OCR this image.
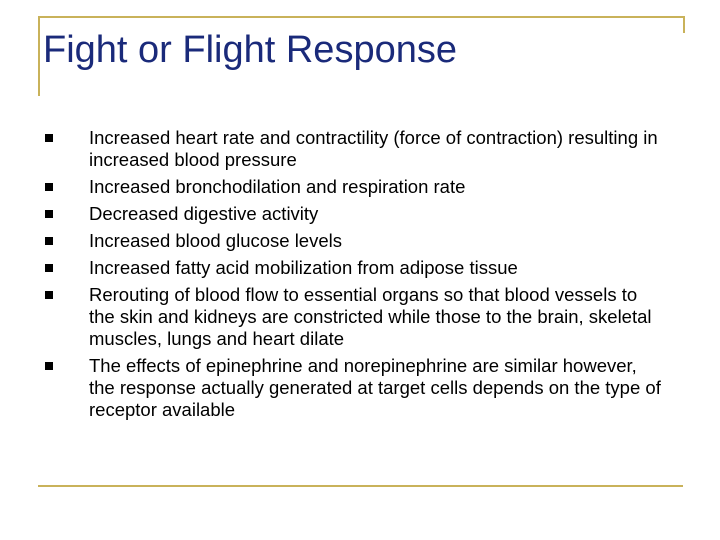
Fight or Flight Response
Increased heart rate and contractility (force of contraction) resulting in increased blood pressure
Increased bronchodilation and respiration rate
Decreased digestive activity
Increased blood glucose levels
Increased fatty acid mobilization from adipose tissue
Rerouting of blood flow to essential organs so that blood vessels to the skin and kidneys are constricted while those to the brain, skeletal muscles, lungs and heart dilate
The effects of epinephrine and norepinephrine are similar however, the response actually generated at target cells depends on the type of receptor available
